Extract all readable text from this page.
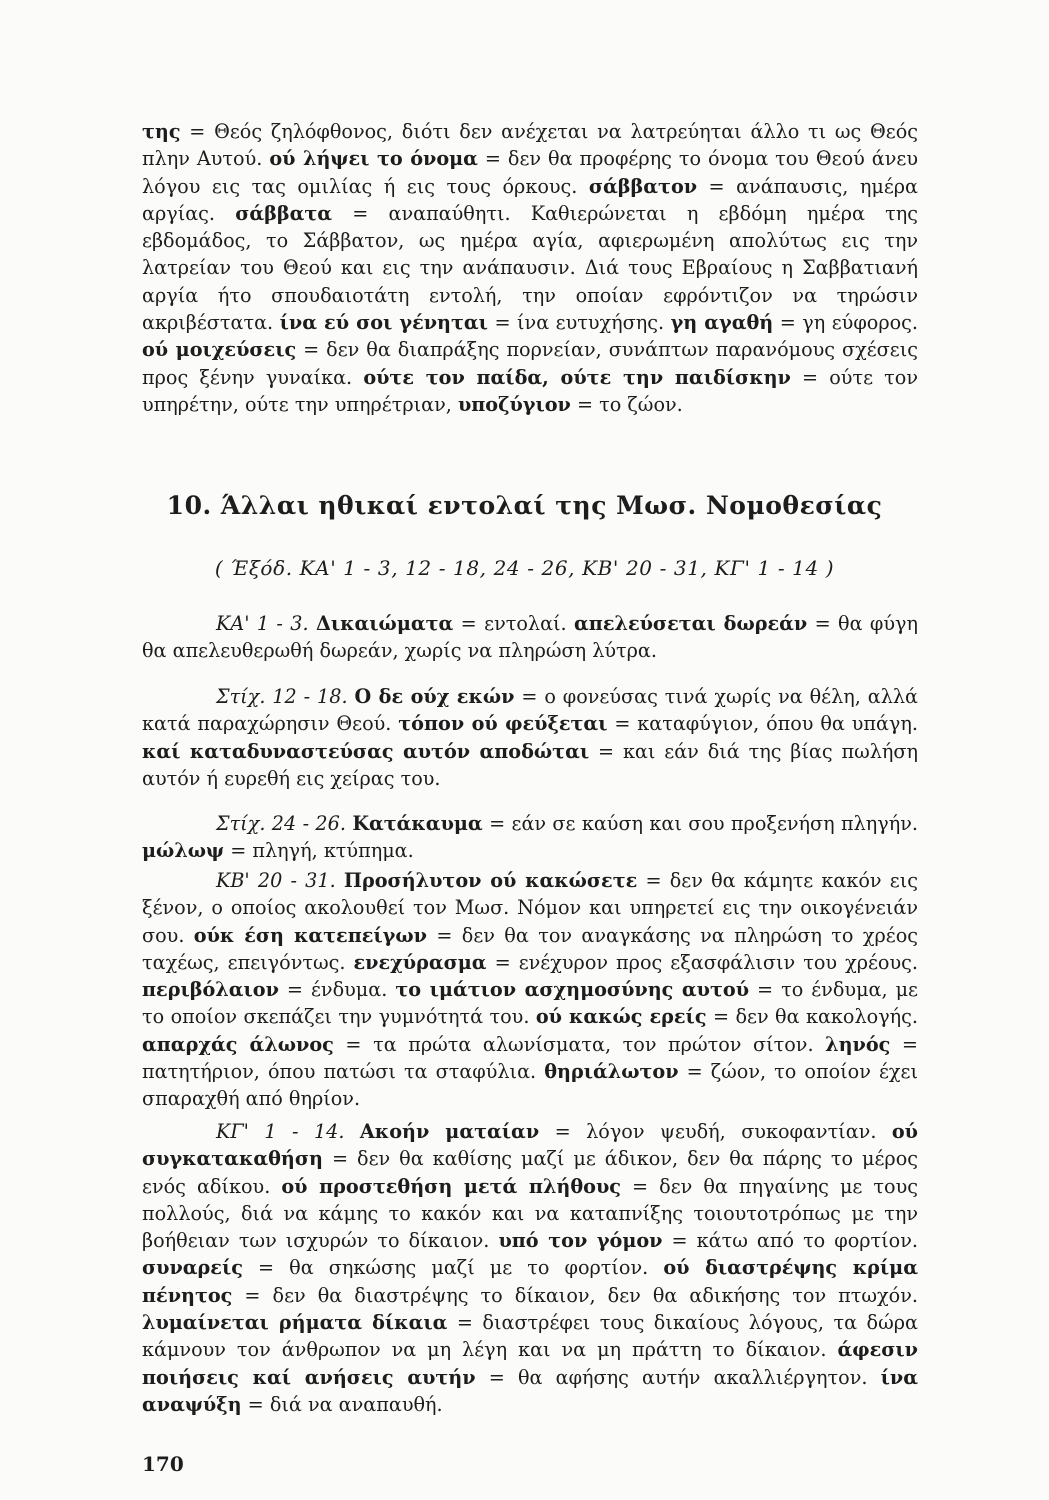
της = Θεός ζηλόφθονος, διότι δεν ανέχεται να λατρεύηται άλλο τι ως Θεός πλην Αυτού. ού λήψει το όνομα = δεν θα προφέρης το όνομα του Θεού άνευ λόγου εις τας ομιλίας ή εις τους όρκους. σάββατον = ανάπαυσις, ημέρα αργίας. σάββατα = αναπαύθητι. Καθιερώνεται η εβδόμη ημέρα της εβδομάδος, το Σάββατον, ως ημέρα αγία, αφιερωμένη απολύτως εις την λατρείαν του Θεού και εις την ανάπαυσιν. Διά τους Εβραίους η Σαββατιανή αργία ήτο σπουδαιοτάτη εντολή, την οποίαν εφρόντιζον να τηρώσιν ακριβέστατα. ίνα εύ σοι γένηται = ίνα ευτυχήσης. γη αγαθή = γη εύφορος. ού μοιχεύσεις = δεν θα διαπράξης πορνείαν, συνάπτων παρανόμους σχέσεις προς ξένην γυναίκα. ούτε τον παίδα, ούτε την παιδίσκην = ούτε τον υπηρέτην, ούτε την υπηρέτριαν, υποζύγιον = το ζώον.

10. Άλλαι ηθικαί εντολαί της Μωσ. Νομοθεσίας

( Έξόδ. ΚΑ' 1 - 3, 12 - 18, 24 - 26, ΚΒ' 20 - 31, ΚΓ' 1 - 14 )

ΚΑ' 1 - 3. Δικαιώματα = εντολαί. απελεύσεται δωρεάν = θα φύγη θα απελευθερωθή δωρεάν, χωρίς να πληρώση λύτρα.

Στίχ. 12 - 18. Ο δε ούχ εκών = ο φονεύσας τινά χωρίς να θέλη, αλλά κατά παραχώρησιν Θεού. τόπον ού φεύξεται = καταφύγιον, όπου θα υπάγη. καί καταδυναστεύσας αυτόν αποδώται = και εάν διά της βίας πωλήση αυτόν ή ευρεθή εις χείρας του.

Στίχ. 24 - 26. Κατάκαυμα = εάν σε καύση και σου προξενήση πληγήν. μώλωψ = πληγή, κτύπημα.

ΚΒ' 20 - 31. Προσήλυτον ού κακώσετε = δεν θα κάμητε κακόν εις ξένον, ο οποίος ακολουθεί τον Μωσ. Νόμον και υπηρετεί εις την οικογένειάν σου. ούκ έση κατεπείγων = δεν θα τον αναγκάσης να πληρώση το χρέος ταχέως, επειγόντως. ενεχύρασμα = ενέχυρον προς εξασφάλισιν του χρέους. περιβόλαιον = ένδυμα. το ιμάτιον ασχημοσύνης αυτού = το ένδυμα, με το οποίον σκεπάζει την γυμνότητά του. ού κακώς ερείς = δεν θα κακολογής. απαρχάς άλωνος = τα πρώτα αλωνίσματα, τον πρώτον σίτον. ληνός = πατητήριον, όπου πατώσι τα σταφύλια. θηριάλωτον = ζώον, το οποίον έχει σπαραχθή από θηρίον.

ΚΓ' 1 - 14. Ακοήν ματαίαν = λόγον ψευδή, συκοφαντίαν. ού συγκατακαθήση = δεν θα καθίσης μαζί με άδικον, δεν θα πάρης το μέρος ενός αδίκου. ού προστεθήση μετά πλήθους = δεν θα πηγαίνης με τους πολλούς, διά να κάμης το κακόν και να καταπνίξης τοιουτοτρόπως με την βοήθειαν των ισχυρών το δίκαιον. υπό τον γόμον = κάτω από το φορτίον. συναρείς = θα σηκώσης μαζί με το φορτίον. ού διαστρέψης κρίμα πένητος = δεν θα διαστρέψης το δίκαιον, δεν θα αδικήσης τον πτωχόν. λυμαίνεται ρήματα δίκαια = διαστρέφει τους δικαίους λόγους, τα δώρα κάμνουν τον άνθρωπον να μη λέγη και να μη πράττη το δίκαιον. άφεσιν ποιήσεις καί ανήσεις αυτήν = θα αφήσης αυτήν ακαλλιέργητον. ίνα αναψύξη = διά να αναπαυθή.

170
